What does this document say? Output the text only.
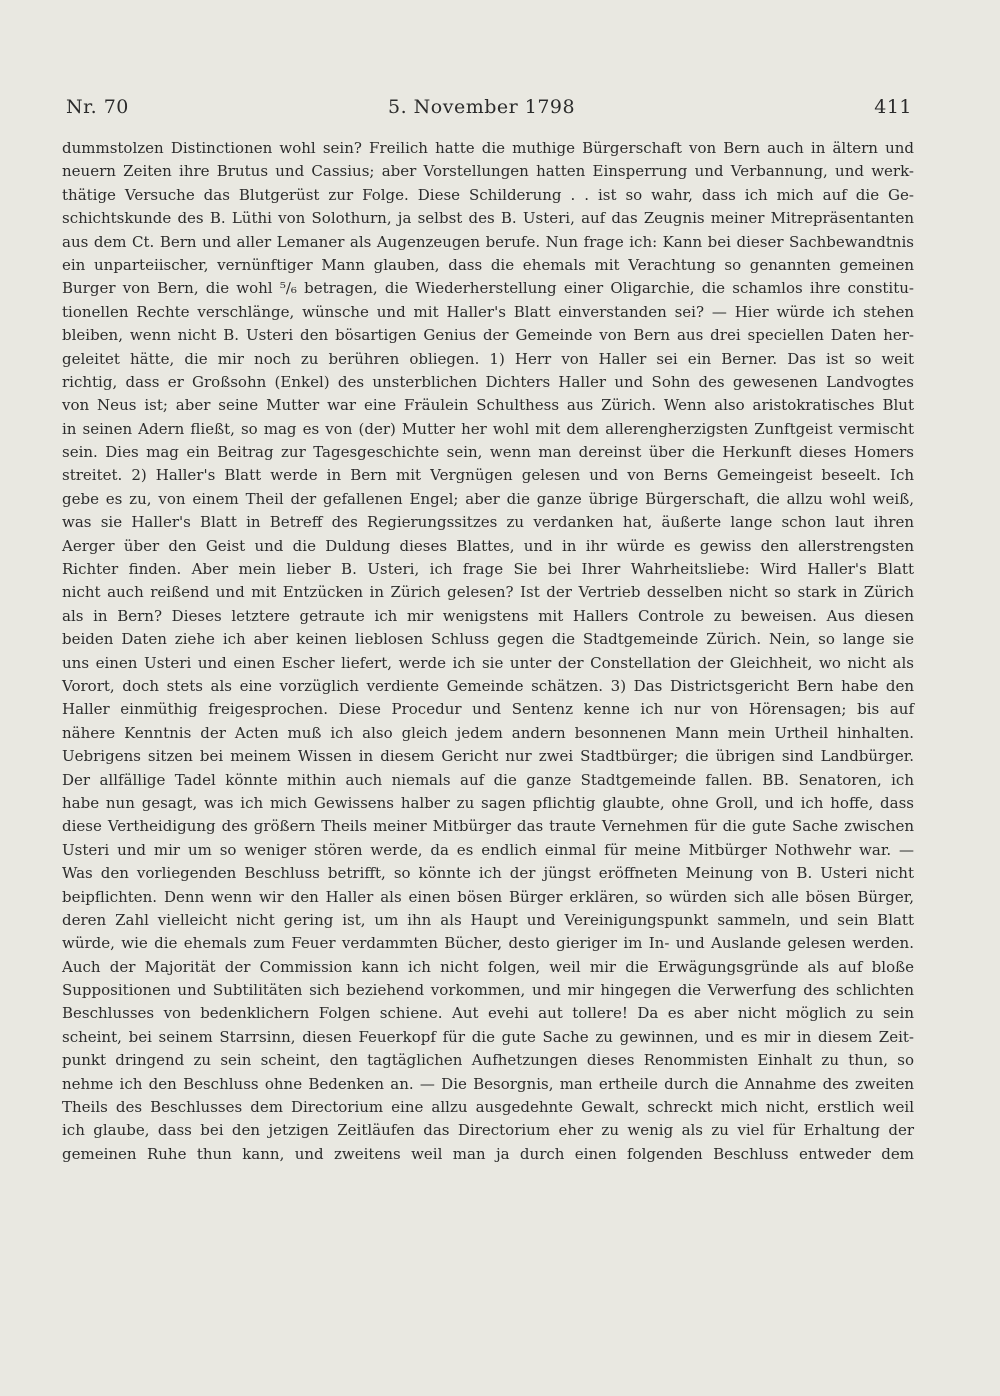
Nr. 70	5. November 1798	411
dummstolzen Distinctionen wohl sein? Freilich hatte die muthige Bürgerschaft von Bern auch in ältern und
neuern Zeiten ihre Brutus und Cassius; aber Vorstellungen hatten Einsperrung und Verbannung, und werk-
thätige Versuche das Blutgerüst zur Folge. Diese Schilderung . . ist so wahr, dass ich mich auf die Ge-
schichtskunde des B. Lüthi von Solothurn, ja selbst des B. Usteri, auf das Zeugnis meiner Mitrepräsentanten
aus dem Ct. Bern und aller Lemaner als Augenzeugen berufe. Nun frage ich: Kann bei dieser Sachbewandtnis
ein unparteiischer, vernünftiger Mann glauben, dass die ehemals mit Verachtung so genannten gemeinen
Burger von Bern, die wohl ⁵/₆ betragen, die Wiederherstellung einer Oligarchie, die schamlos ihre constitu-
tionellen Rechte verschlänge, wünsche und mit Haller's Blatt einverstanden sei? — Hier würde ich stehen
bleiben, wenn nicht B. Usteri den bösartigen Genius der Gemeinde von Bern aus drei speciellen Daten her-
geleitet hätte, die mir noch zu berühren obliegen. 1) Herr von Haller sei ein Berner. Das ist so weit
richtig, dass er Großsohn (Enkel) des unsterblichen Dichters Haller und Sohn des gewesenen Landvogtes
von Neus ist; aber seine Mutter war eine Fräulein Schulthess aus Zürich. Wenn also aristokratisches Blut
in seinen Adern fließt, so mag es von (der) Mutter her wohl mit dem allerengherzigsten Zunftgeist vermischt
sein. Dies mag ein Beitrag zur Tagesgeschichte sein, wenn man dereinst über die Herkunft dieses Homers
streitet. 2) Haller's Blatt werde in Bern mit Vergnügen gelesen und von Berns Gemeingeist beseelt. Ich
gebe es zu, von einem Theil der gefallenen Engel; aber die ganze übrige Bürgerschaft, die allzu wohl weiß,
was sie Haller's Blatt in Betreff des Regierungssitzes zu verdanken hat, äußerte lange schon laut ihren
Aerger über den Geist und die Duldung dieses Blattes, und in ihr würde es gewiss den allerstrengsten
Richter finden. Aber mein lieber B. Usteri, ich frage Sie bei Ihrer Wahrheitsliebe: Wird Haller's Blatt
nicht auch reißend und mit Entzücken in Zürich gelesen? Ist der Vertrieb desselben nicht so stark in Zürich
als in Bern? Dieses letztere getraute ich mir wenigstens mit Hallers Controle zu beweisen. Aus diesen
beiden Daten ziehe ich aber keinen lieblosen Schluss gegen die Stadtgemeinde Zürich. Nein, so lange sie
uns einen Usteri und einen Escher liefert, werde ich sie unter der Constellation der Gleichheit, wo nicht als
Vorort, doch stets als eine vorzüglich verdiente Gemeinde schätzen. 3) Das Districtsgericht Bern habe den
Haller einmüthig freigesprochen. Diese Procedur und Sentenz kenne ich nur von Hörensagen; bis auf
nähere Kenntnis der Acten muß ich also gleich jedem andern besonnenen Mann mein Urtheil hinhalten.
Uebrigens sitzen bei meinem Wissen in diesem Gericht nur zwei Stadtbürger; die übrigen sind Landbürger.
Der allfällige Tadel könnte mithin auch niemals auf die ganze Stadtgemeinde fallen. BB. Senatoren, ich
habe nun gesagt, was ich mich Gewissens halber zu sagen pflichtig glaubte, ohne Groll, und ich hoffe, dass
diese Vertheidigung des größern Theils meiner Mitbürger das traute Vernehmen für die gute Sache zwischen
Usteri und mir um so weniger stören werde, da es endlich einmal für meine Mitbürger Nothwehr war. —
Was den vorliegenden Beschluss betrifft, so könnte ich der jüngst eröffneten Meinung von B. Usteri nicht
beipflichten. Denn wenn wir den Haller als einen bösen Bürger erklären, so würden sich alle bösen Bürger,
deren Zahl vielleicht nicht gering ist, um ihn als Haupt und Vereinigungspunkt sammeln, und sein Blatt
würde, wie die ehemals zum Feuer verdammten Bücher, desto gieriger im In- und Auslande gelesen werden.
Auch der Majorität der Commission kann ich nicht folgen, weil mir die Erwägungsgründe als auf bloße
Suppositionen und Subtilitäten sich beziehend vorkommen, und mir hingegen die Verwerfung des schlichten
Beschlusses von bedenklichern Folgen schiene. Aut evehi aut tollere! Da es aber nicht möglich zu sein
scheint, bei seinem Starrsinn, diesen Feuerkopf für die gute Sache zu gewinnen, und es mir in diesem Zeit-
punkt dringend zu sein scheint, den tagtäglichen Aufhetzungen dieses Renommisten Einhalt zu thun, so
nehme ich den Beschluss ohne Bedenken an. — Die Besorgnis, man ertheile durch die Annahme des zweiten
Theils des Beschlusses dem Directorium eine allzu ausgedehnte Gewalt, schreckt mich nicht, erstlich weil
ich glaube, dass bei den jetzigen Zeitläufen das Directorium eher zu wenig als zu viel für Erhaltung der
gemeinen Ruhe thun kann, und zweitens weil man ja durch einen folgenden Beschluss entweder dem
